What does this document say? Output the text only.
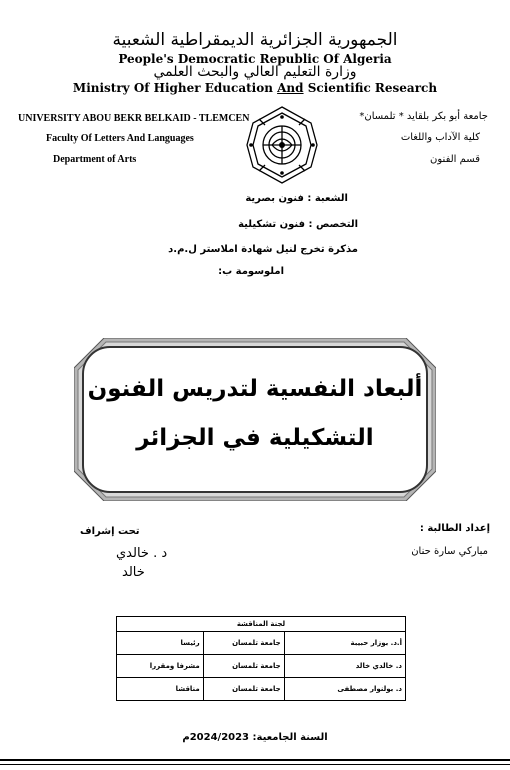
الجمهورية الجزائرية الديمقراطية الشعبية
People's Democratic Republic Of Algeria
وزارة التعليم العالي والبحث العلمي
Ministry Of Higher Education And Scientific Research
UNIVERSITY ABOU BEKR BELKAID - TLEMCEN
Faculty Of Letters And Languages
Department of Arts
جامعة أبو بكر بلقايد * تلمسان*
كلية الآداب واللغات
قسم الفنون
الشعبة : فنون بصرية
التخصص : فنون تشكيلية
مذكرة تخرج لنيل شهادة املاستر ل.م.د
املوسومة ب:
ألبعاد النفسية لتدريس الفنون
التشكيلية في الجزائر
إعداد الطالبة :
مباركي سارة حنان
تحت إشراف
د . خالدي
خالد
لجنة المناقشة		
أ.د. بوزار حبيبة	جامعة تلمسان	رئيسا
د. خالدي خالد	جامعة تلمسان	مشرفا ومقررا
د. بولنوار مصطفى	جامعة تلمسان	مناقشا
السنة الجامعية: 2024/2023م
